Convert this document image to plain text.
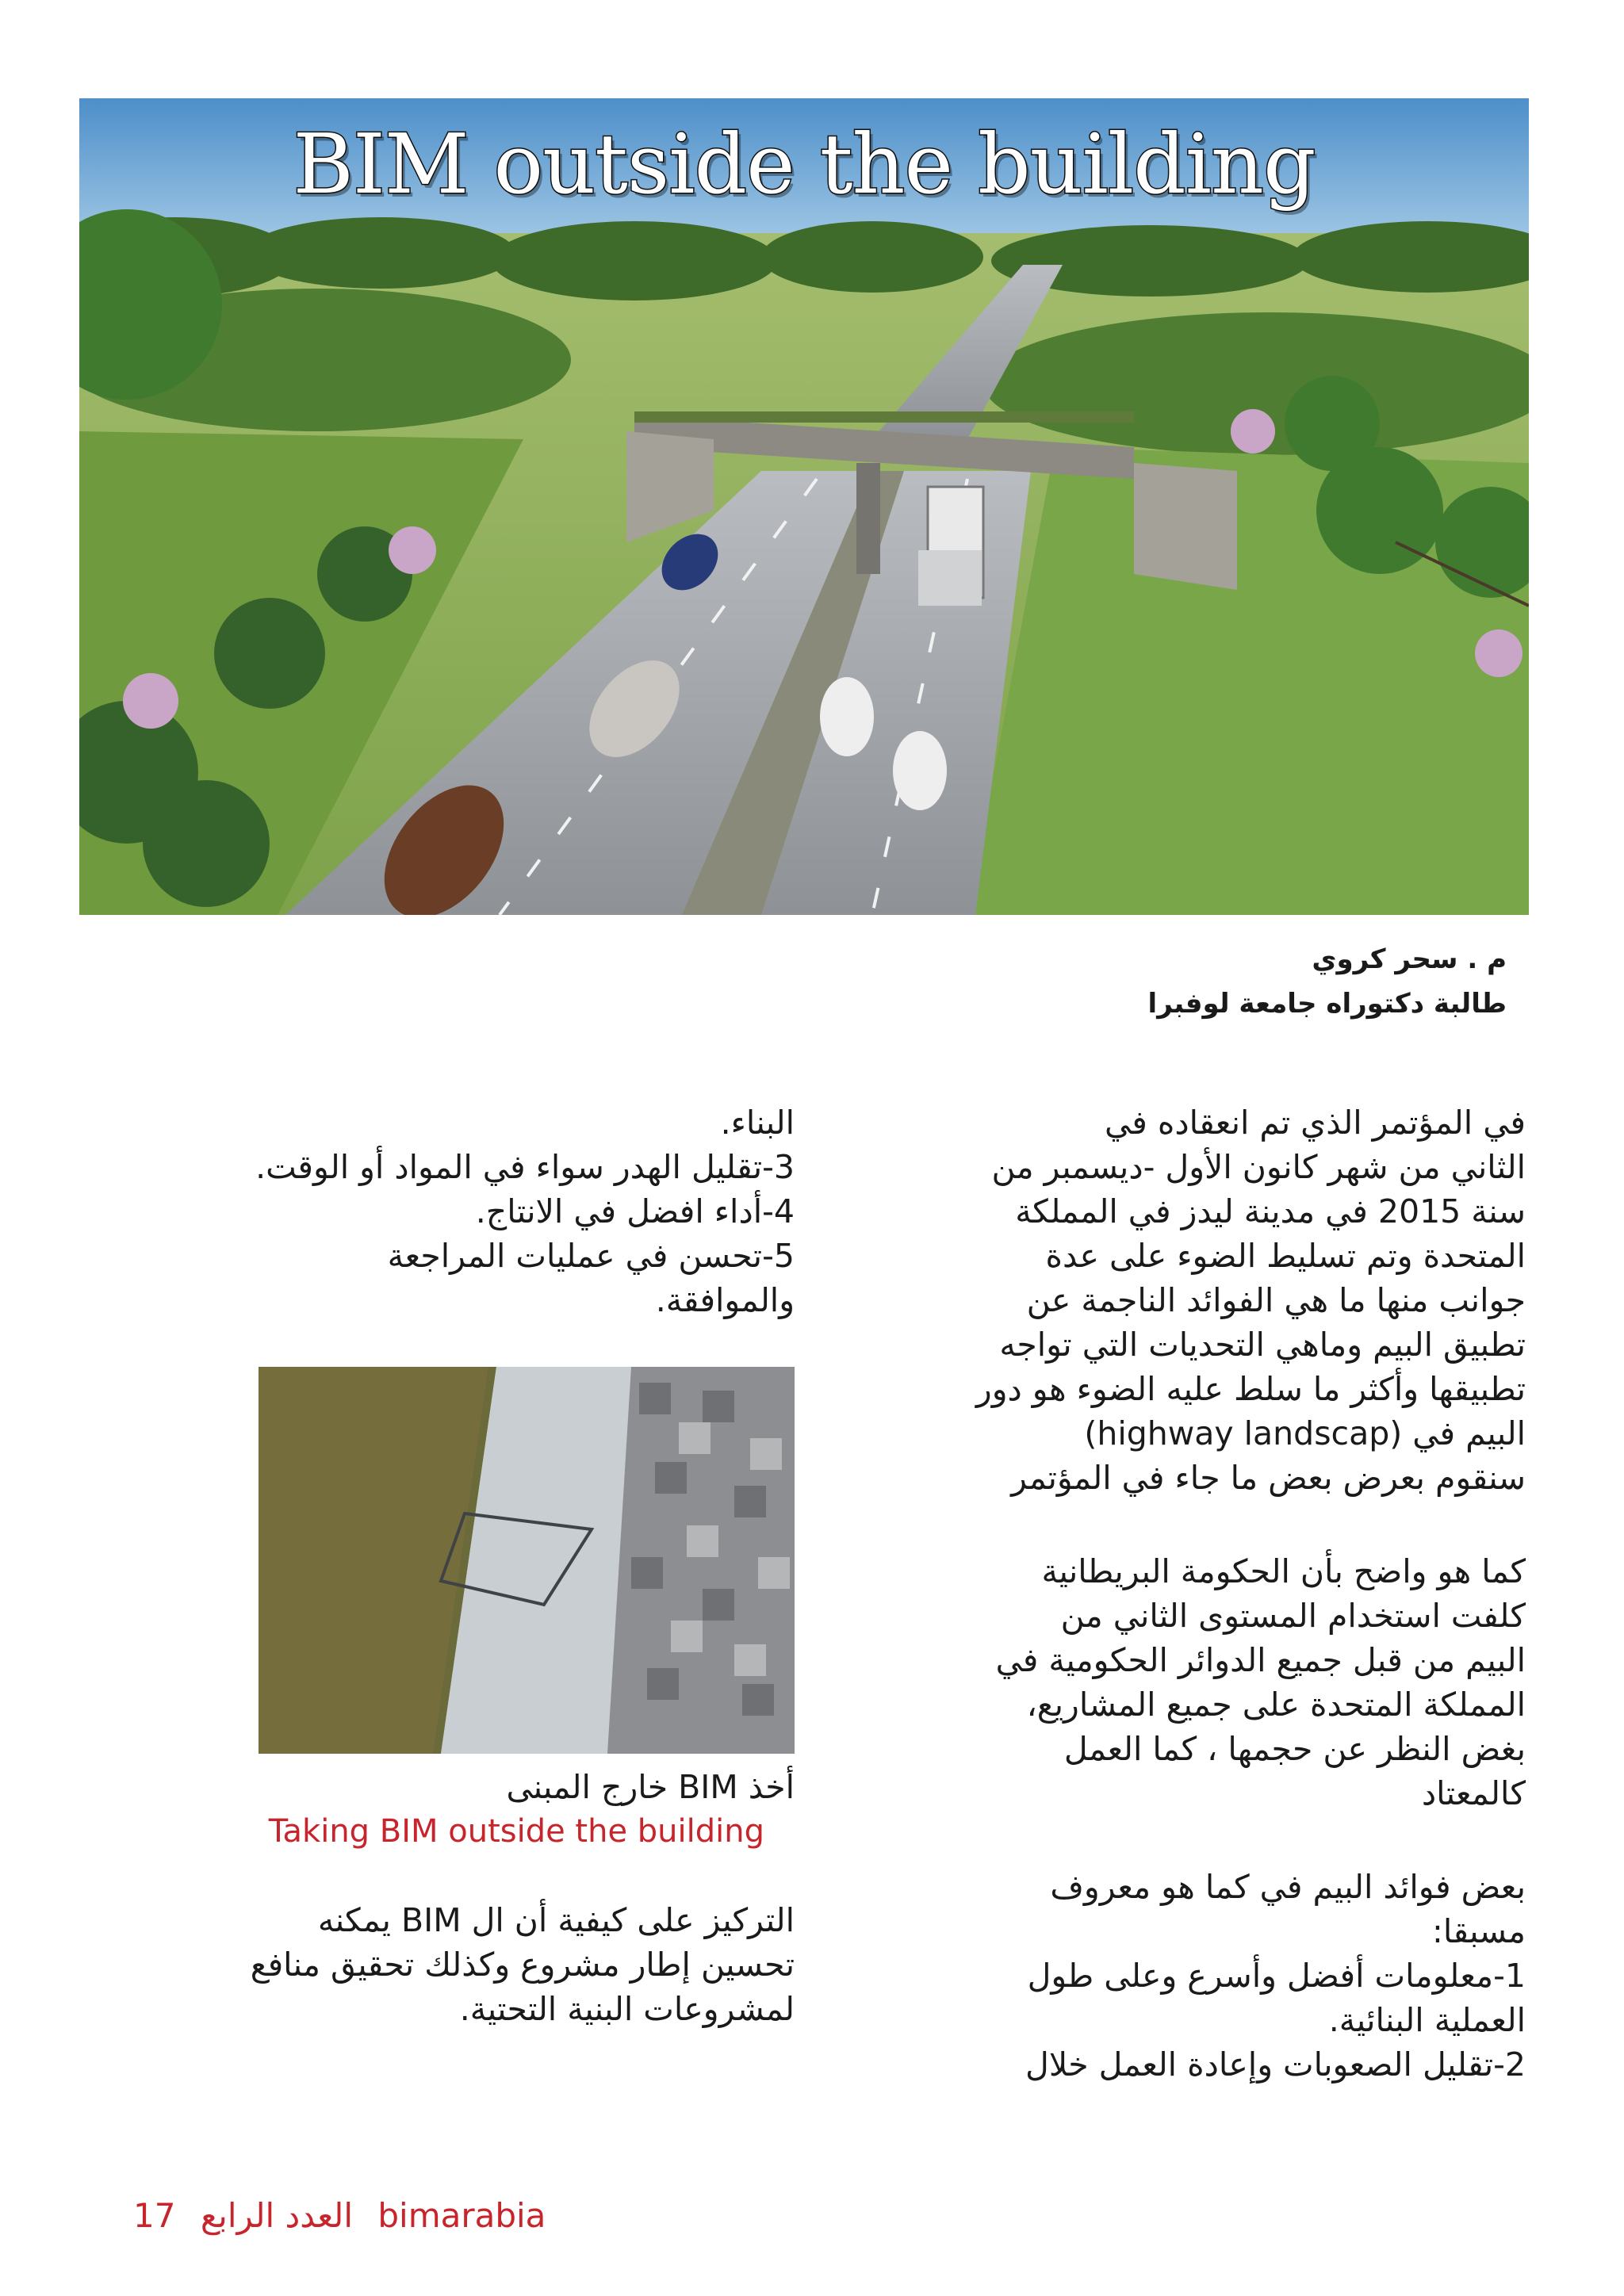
BIM outside the building
م . سحر كروي
طالبة دكتوراه جامعة لوفبرا

في المؤتمر الذي تم انعقاده في

الثاني من شهر كانون الأول -ديسمبر من

سنة 2015 في مدينة ليدز في المملكة

المتحدة وتم تسليط الضوء على عدة

جوانب منها ما هي الفوائد الناجمة عن

تطبيق البيم وماهي التحديات التي تواجه

تطبيقها وأكثر ما سلط عليه الضوء هو دور

البيم في (highway landscap)

سنقوم بعرض بعض ما جاء في المؤتمر

كما هو واضح بأن الحكومة البريطانية

كلفت استخدام المستوى الثاني من

البيم من قبل جميع الدوائر الحكومية في

المملكة المتحدة على جميع المشاريع،

بغض النظر عن حجمها ، كما العمل

كالمعتاد

بعض فوائد البيم في كما هو معروف

مسبقا:

1-معلومات أفضل وأسرع وعلى طول

العملية البنائية.

2-تقليل الصعوبات وإعادة العمل خلال

البناء.

3-تقليل الهدر سواء في المواد أو الوقت.

4-أداء افضل في الانتاج.

5-تحسن في عمليات المراجعة

والموافقة.

أخذ BIM خارج المبنى

Taking BIM outside the building

التركيز على كيفية أن ال BIM يمكنه

تحسين إطار مشروع وكذلك تحقيق منافع

لمشروعات البنية التحتية.

17 العدد الرابع bimarabia
